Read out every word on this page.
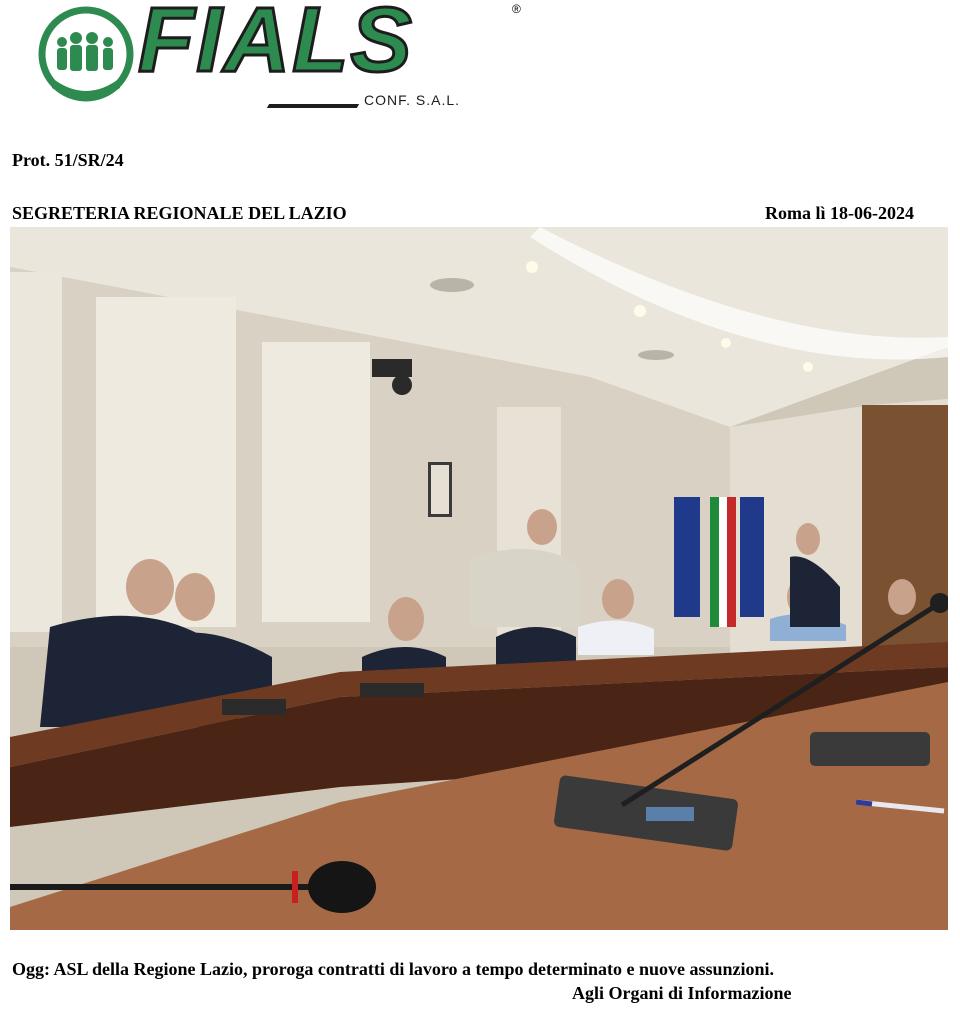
FIALS	®
CONF. S.A.L.
Prot. 51/SR/24
SEGRETERIA REGIONALE DEL LAZIO	Roma lì 18-06-2024
Ogg: ASL della Regione Lazio, proroga contratti di lavoro a tempo determinato e nuove assunzioni.
Agli Organi di Informazione
